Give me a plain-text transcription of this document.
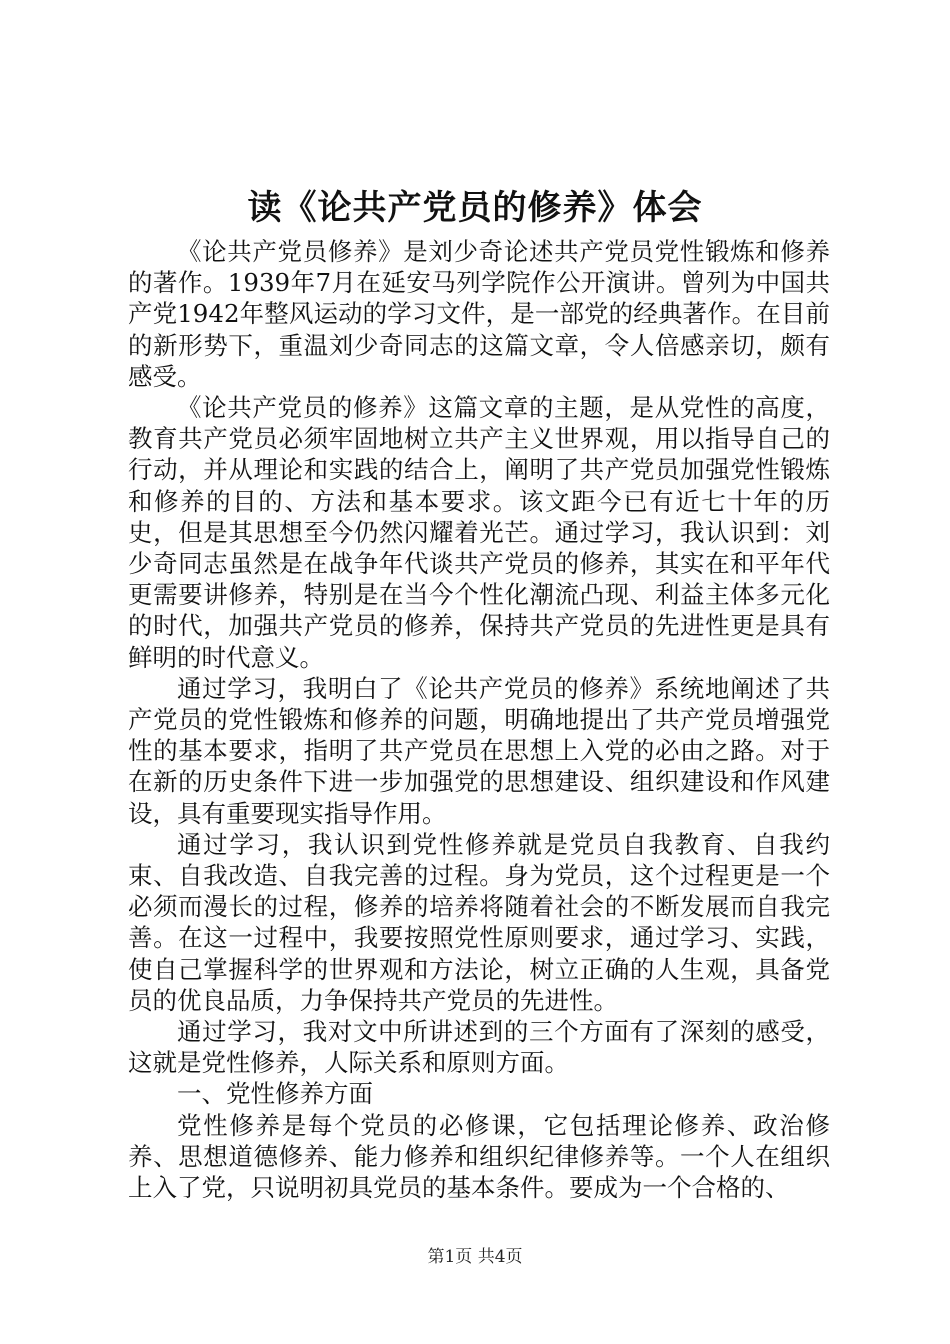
读《论共产党员的修养》体会

《论共产党员修养》是刘少奇论述共产党员党性锻炼和修养的著作。1939年7月在延安马列学院作公开演讲。曾列为中国共产党1942年整风运动的学习文件，是一部党的经典著作。在目前的新形势下，重温刘少奇同志的这篇文章，令人倍感亲切，颇有感受。

《论共产党员的修养》这篇文章的主题，是从党性的高度，教育共产党员必须牢固地树立共产主义世界观，用以指导自己的行动，并从理论和实践的结合上，阐明了共产党员加强党性锻炼和修养的目的、方法和基本要求。该文距今已有近七十年的历史，但是其思想至今仍然闪耀着光芒。通过学习，我认识到：刘少奇同志虽然是在战争年代谈共产党员的修养，其实在和平年代更需要讲修养，特别是在当今个性化潮流凸现、利益主体多元化的时代，加强共产党员的修养，保持共产党员的先进性更是具有鲜明的时代意义。

通过学习，我明白了《论共产党员的修养》系统地阐述了共产党员的党性锻炼和修养的问题，明确地提出了共产党员增强党性的基本要求，指明了共产党员在思想上入党的必由之路。对于在新的历史条件下进一步加强党的思想建设、组织建设和作风建设，具有重要现实指导作用。

通过学习，我认识到党性修养就是党员自我教育、自我约束、自我改造、自我完善的过程。身为党员，这个过程更是一个必须而漫长的过程，修养的培养将随着社会的不断发展而自我完善。在这一过程中，我要按照党性原则要求，通过学习、实践，使自己掌握科学的世界观和方法论，树立正确的人生观，具备党员的优良品质，力争保持共产党员的先进性。

通过学习，我对文中所讲述到的三个方面有了深刻的感受，这就是党性修养，人际关系和原则方面。

一、党性修养方面

党性修养是每个党员的必修课，它包括理论修养、政治修养、思想道德修养、能力修养和组织纪律修养等。一个人在组织上入了党，只说明初具党员的基本条件。要成为一个合格的、

第1页 共4页
